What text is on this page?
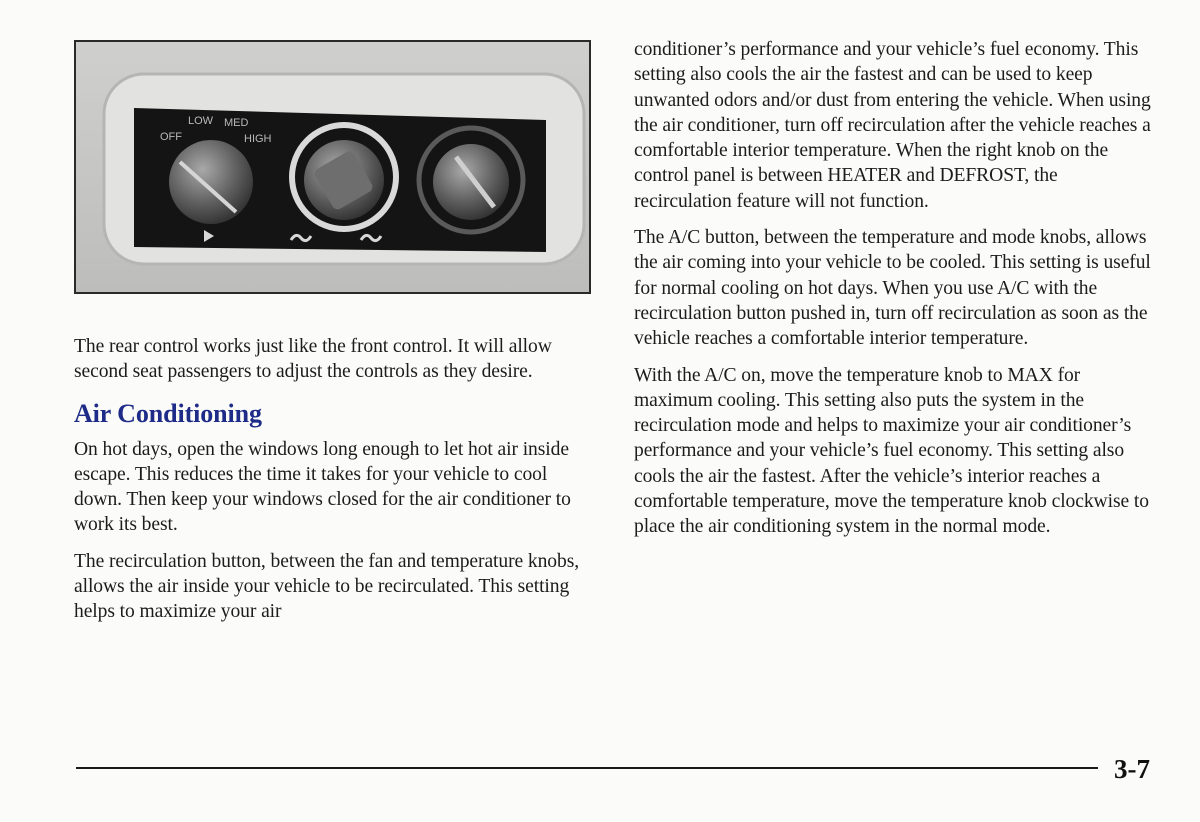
LOW MED
OFF	HIGH

The rear control works just like the front control. It will allow second seat passengers to adjust the controls as they desire.

Air Conditioning

On hot days, open the windows long enough to let hot air inside escape. This reduces the time it takes for your vehicle to cool down. Then keep your windows closed for the air conditioner to work its best.

The recirculation button, between the fan and temperature knobs, allows the air inside your vehicle to be recirculated. This setting helps to maximize your air

conditioner’s performance and your vehicle’s fuel economy. This setting also cools the air the fastest and can be used to keep unwanted odors and/or dust from entering the vehicle. When using the air conditioner, turn off recirculation after the vehicle reaches a comfortable interior temperature. When the right knob on the control panel is between HEATER and DEFROST, the recirculation feature will not function.

The A/C button, between the temperature and mode knobs, allows the air coming into your vehicle to be cooled. This setting is useful for normal cooling on hot days. When you use A/C with the recirculation button pushed in, turn off recirculation as soon as the vehicle reaches a comfortable interior temperature.

With the A/C on, move the temperature knob to MAX for maximum cooling. This setting also puts the system in the recirculation mode and helps to maximize your air conditioner’s performance and your vehicle’s fuel economy. This setting also cools the air the fastest. After the vehicle’s interior reaches a comfortable temperature, move the temperature knob clockwise to place the air conditioning system in the normal mode.

3-7
